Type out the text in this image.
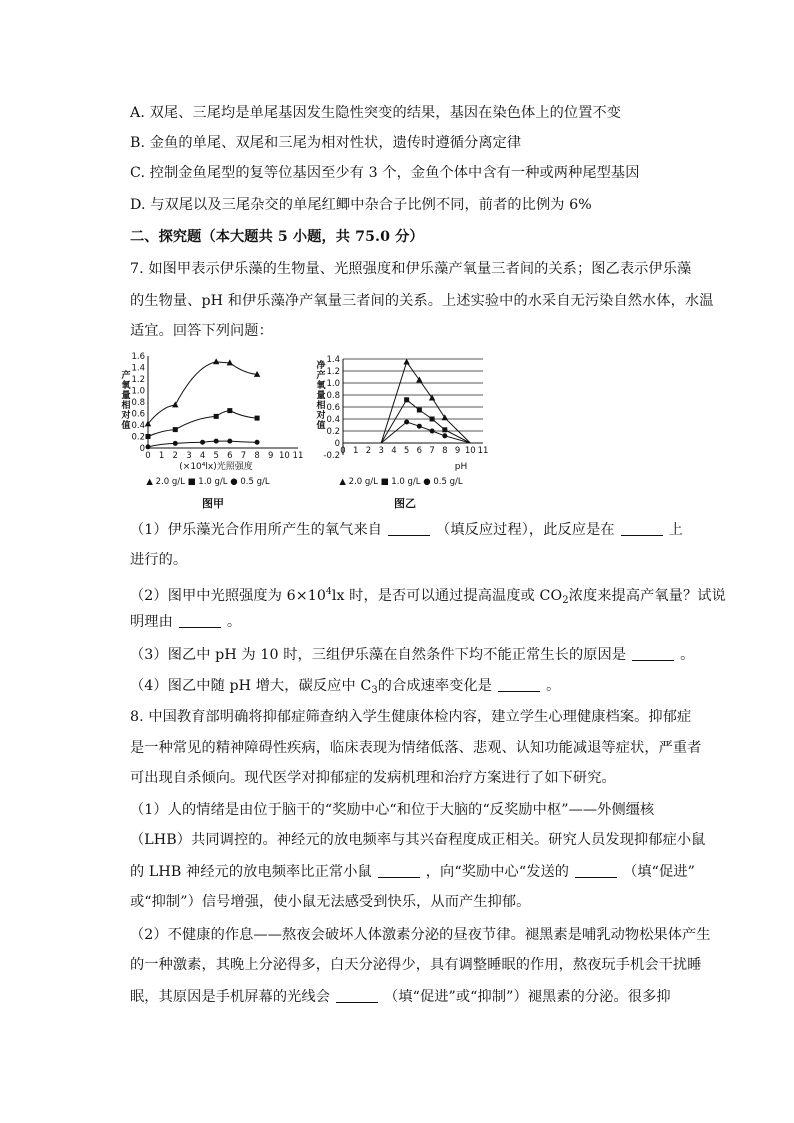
A. 双尾、三尾均是单尾基因发生隐性突变的结果，基因在染色体上的位置不变
B. 金鱼的单尾、双尾和三尾为相对性状，遗传时遵循分离定律
C. 控制金鱼尾型的复等位基因至少有 3 个，金鱼个体中含有一种或两种尾型基因
D. 与双尾以及三尾杂交的单尾红鲫中杂合子比例不同，前者的比例为 6%
二、探究题（本大题共 5 小题，共 75.0 分）
7. 如图甲表示伊乐藻的生物量、光照强度和伊乐藻产氧量三者间的关系；图乙表示伊乐藻
的生物量、pH 和伊乐藻净产氧量三者间的关系。上述实验中的水采自无污染自然水体，水温
适宜。回答下列问题：
0
0.2
0.4
0.6
0.8
1.0
1.2
1.4
1.6
0 1 2 3 4 5 6 7 8 9 10 11
产
氧
量
相
对
值
(×10⁴lx)光照强度
▲ 2.0 g/L ■ 1.0 g/L ● 0.5 g/L
图甲
-0.2
0
0.2
0.4
0.6
0.8
1.0
1.2
1.4
0 1 2 3 4 5 6 7 8 9 10 11
净
产
氧
量
相
对
值
pH
▲ 2.0 g/L ■ 1.0 g/L ● 0.5 g/L
图乙
（1）伊乐藻光合作用所产生的氧气来自	（填反应过程），此反应是在	上
进行的。
（2）图甲中光照强度为 $6\times 10^4lx$ 时，是否可以通过提高温度或 $CO_2$浓度来提高产氧量？试说
明理由	。
（3）图乙中 pH 为 10 时，三组伊乐藻在自然条件下均不能正常生长的原因是	。
（4）图乙中随 pH 增大，碳反应中 $C_3$的合成速率变化是	。
8. 中国教育部明确将抑郁症筛查纳入学生健康体检内容，建立学生心理健康档案。抑郁症
是一种常见的精神障碍性疾病，临床表现为情绪低落、悲观、认知功能减退等症状，严重者
可出现自杀倾向。现代医学对抑郁症的发病机理和治疗方案进行了如下研究。
（1）人的情绪是由位于脑干的“奖励中心“和位于大脑的“反奖励中枢”——外侧缰核
（LHB）共同调控的。神经元的放电频率与其兴奋程度成正相关。研究人员发现抑郁症小鼠
的 LHB 神经元的放电频率比正常小鼠	，向“奖励中心“发送的	（填“促进”
或“抑制”）信号增强，使小鼠无法感受到快乐，从而产生抑郁。
（2）不健康的作息——熬夜会破坏人体激素分泌的昼夜节律。褪黑素是哺乳动物松果体产生
的一种激素，其晚上分泌得多，白天分泌得少，具有调整睡眠的作用，熬夜玩手机会干扰睡
眠，其原因是手机屏幕的光线会	（填“促进”或“抑制”）褪黑素的分泌。很多抑
